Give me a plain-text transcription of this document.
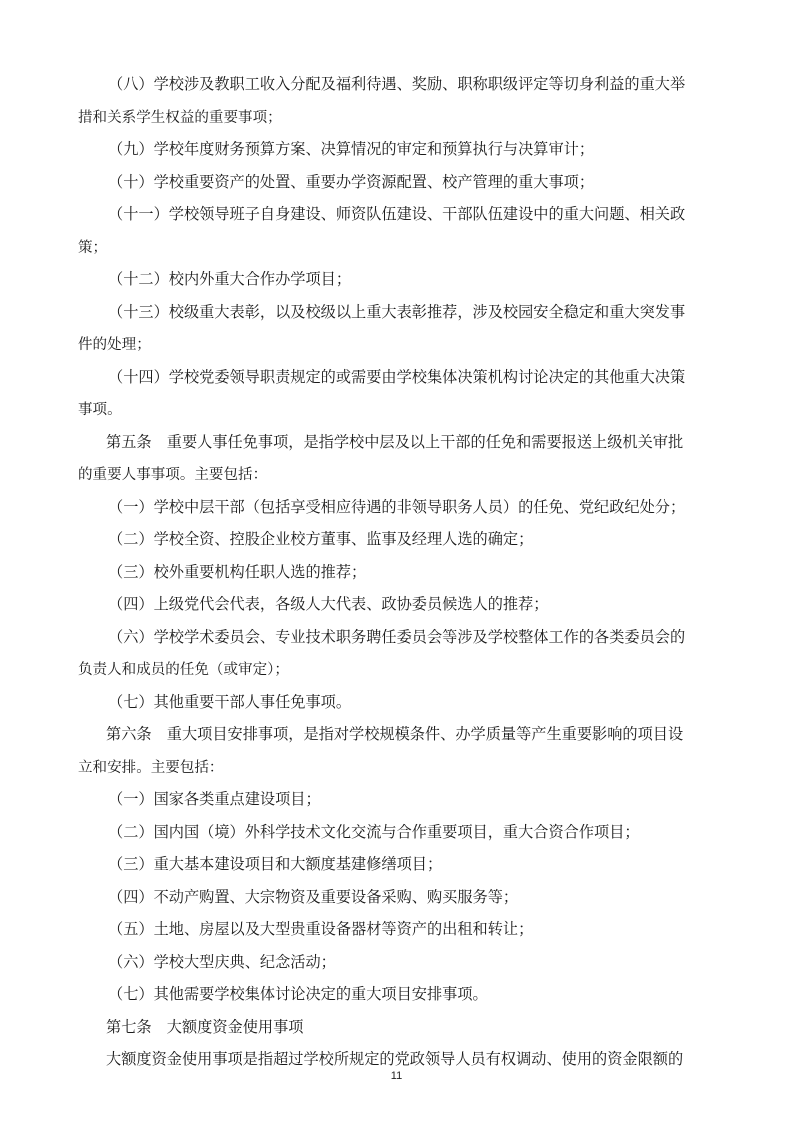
（八）学校涉及教职工收入分配及福利待遇、奖励、职称职级评定等切身利益的重大举
措和关系学生权益的重要事项；
（九）学校年度财务预算方案、决算情况的审定和预算执行与决算审计；
（十）学校重要资产的处置、重要办学资源配置、校产管理的重大事项；
（十一）学校领导班子自身建设、师资队伍建设、干部队伍建设中的重大问题、相关政
策；
（十二）校内外重大合作办学项目；
（十三）校级重大表彰，以及校级以上重大表彰推荐，涉及校园安全稳定和重大突发事
件的处理；
（十四）学校党委领导职责规定的或需要由学校集体决策机构讨论决定的其他重大决策
事项。
第五条　重要人事任免事项，是指学校中层及以上干部的任免和需要报送上级机关审批
的重要人事事项。主要包括：
（一）学校中层干部（包括享受相应待遇的非领导职务人员）的任免、党纪政纪处分；
（二）学校全资、控股企业校方董事、监事及经理人选的确定；
（三）校外重要机构任职人选的推荐；
（四）上级党代会代表，各级人大代表、政协委员候选人的推荐；
（六）学校学术委员会、专业技术职务聘任委员会等涉及学校整体工作的各类委员会的
负责人和成员的任免（或审定）；
（七）其他重要干部人事任免事项。
第六条　重大项目安排事项，是指对学校规模条件、办学质量等产生重要影响的项目设
立和安排。主要包括：
（一）国家各类重点建设项目；
（二）国内国（境）外科学技术文化交流与合作重要项目，重大合资合作项目；
（三）重大基本建设项目和大额度基建修缮项目；
（四）不动产购置、大宗物资及重要设备采购、购买服务等；
（五）土地、房屋以及大型贵重设备器材等资产的出租和转让；
（六）学校大型庆典、纪念活动；
（七）其他需要学校集体讨论决定的重大项目安排事项。
第七条　大额度资金使用事项
大额度资金使用事项是指超过学校所规定的党政领导人员有权调动、使用的资金限额的
11
